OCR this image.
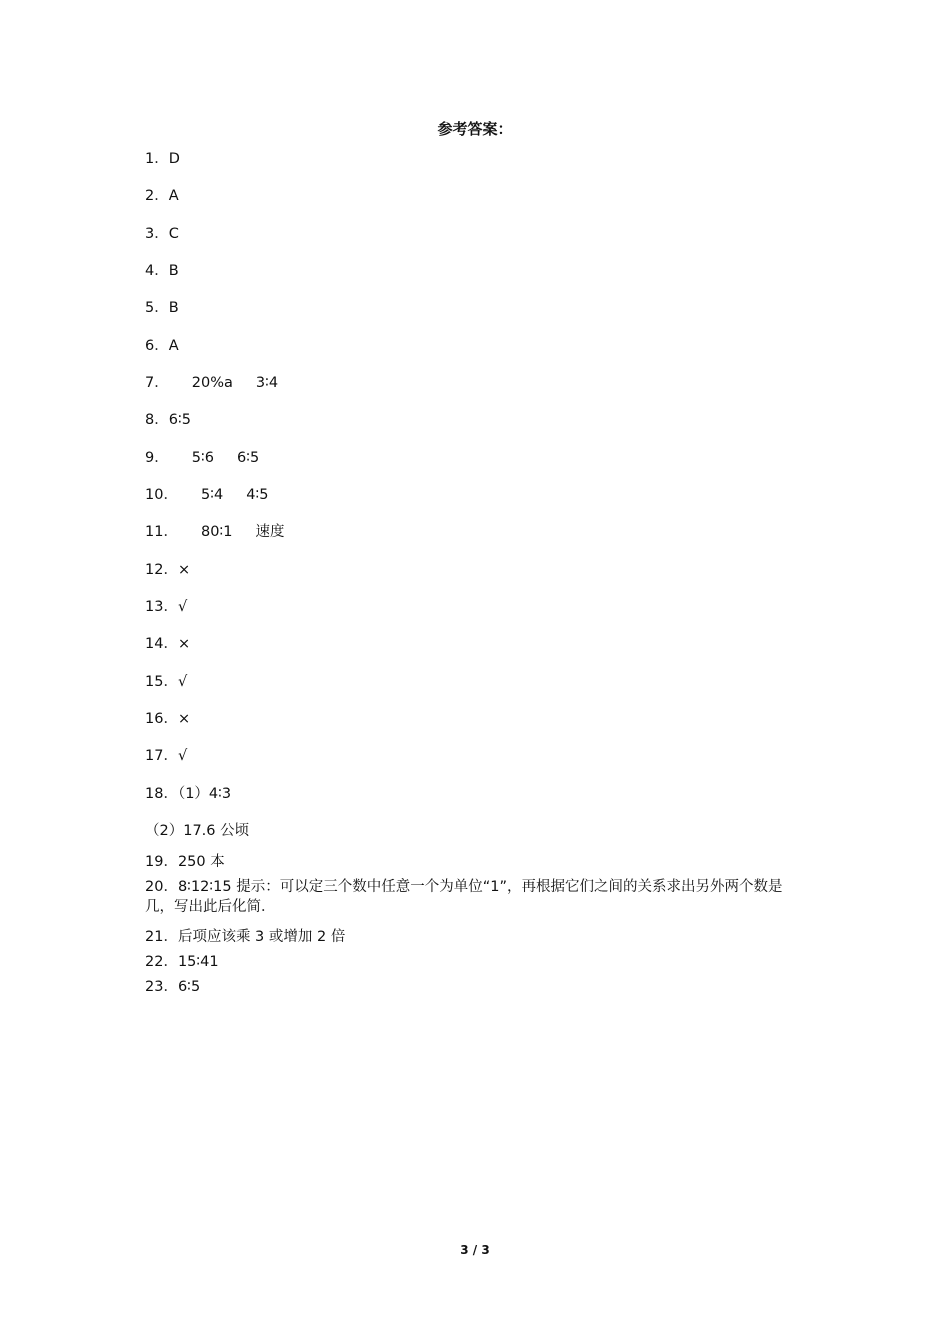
参考答案：
1．D
2．A
3．C
4．B
5．B
6．A
7．     20%a     3∶4
8．6∶5
9．     5∶6     6∶5
10．     5∶4     4∶5
11．     80∶1     速度
12．×
13．√
14．×
15．√
16．×
17．√
18．（1）4∶3
（2）17.6 公顷
19．250 本
20．8∶12∶15 提示：可以定三个数中任意一个为单位“1”，再根据它们之间的关系求出另外两个数是几，写出此后化简．
21．后项应该乘 3 或增加 2 倍
22．15∶41
23．6∶5
3 / 3
